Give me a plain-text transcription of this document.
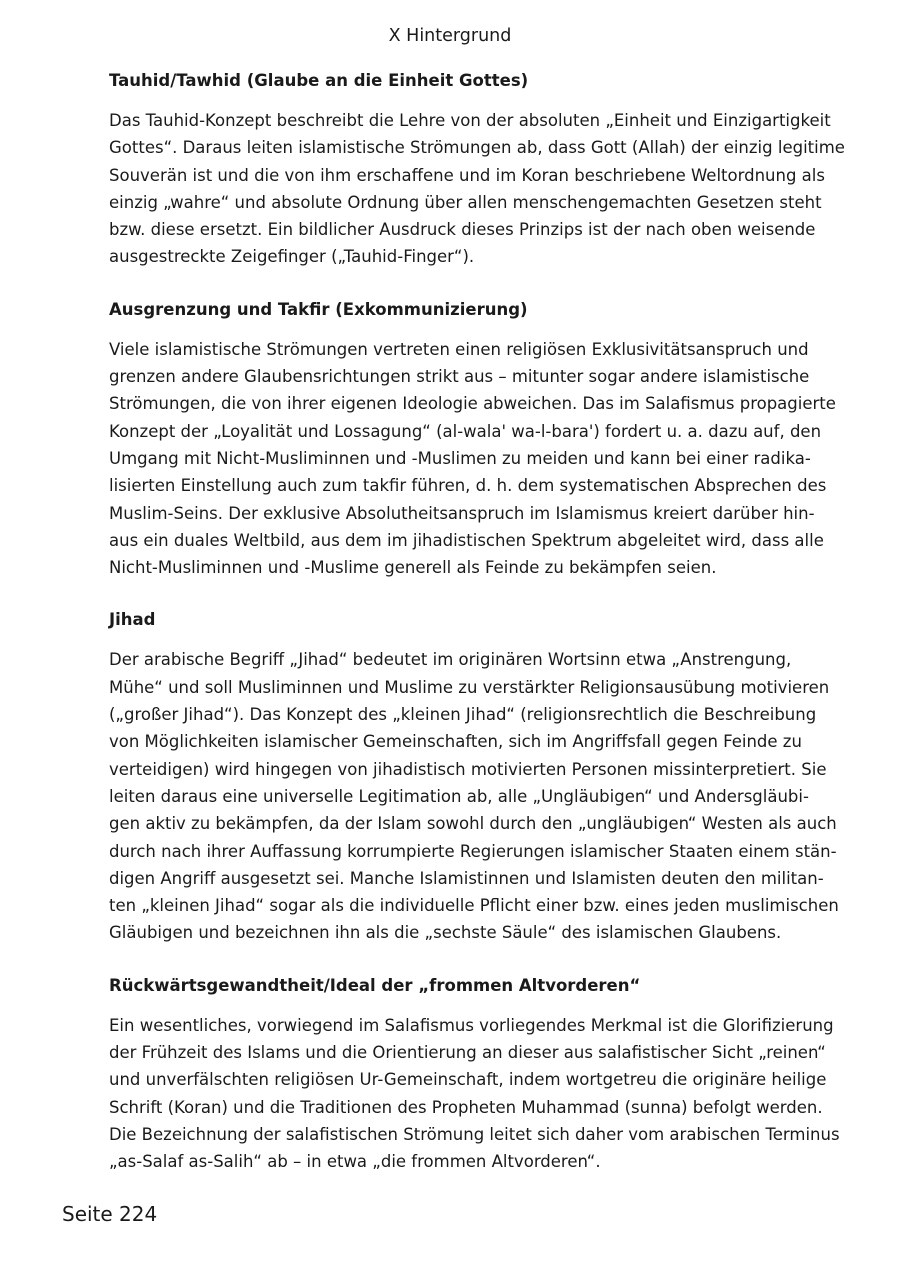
X Hintergrund
Tauhid/Tawhid (Glaube an die Einheit Gottes)

Das Tauhid-Konzept beschreibt die Lehre von der absoluten „Einheit und Einzigartigkeit
Gottes“. Daraus leiten islamistische Strömungen ab, dass Gott (Allah) der einzig legitime
Souverän ist und die von ihm erschaffene und im Koran beschriebene Weltordnung als
einzig „wahre“ und absolute Ordnung über allen menschengemachten Gesetzen steht
bzw. diese ersetzt. Ein bildlicher Ausdruck dieses Prinzips ist der nach oben weisende
ausgestreckte Zeigefinger („Tauhid-Finger“).

Ausgrenzung und Takfir (Exkommunizierung)

Viele islamistische Strömungen vertreten einen religiösen Exklusivitätsanspruch und
grenzen andere Glaubensrichtungen strikt aus – mitunter sogar andere islamistische
Strömungen, die von ihrer eigenen Ideologie abweichen. Das im Salafismus propagierte
Konzept der „Loyalität und Lossagung“ (al-wala' wa-l-bara') fordert u. a. dazu auf, den
Umgang mit Nicht-Musliminnen und -Muslimen zu meiden und kann bei einer radika-
lisierten Einstellung auch zum takfir führen, d. h. dem systematischen Absprechen des
Muslim-Seins. Der exklusive Absolutheitsanspruch im Islamismus kreiert darüber hin-
aus ein duales Weltbild, aus dem im jihadistischen Spektrum abgeleitet wird, dass alle
Nicht-Musliminnen und -Muslime generell als Feinde zu bekämpfen seien.

Jihad

Der arabische Begriff „Jihad“ bedeutet im originären Wortsinn etwa „Anstrengung,
Mühe“ und soll Musliminnen und Muslime zu verstärkter Religionsausübung motivieren
(„großer Jihad“). Das Konzept des „kleinen Jihad“ (religionsrechtlich die Beschreibung
von Möglichkeiten islamischer Gemeinschaften, sich im Angriffsfall gegen Feinde zu
verteidigen) wird hingegen von jihadistisch motivierten Personen missinterpretiert. Sie
leiten daraus eine universelle Legitimation ab, alle „Ungläubigen“ und Andersgläubi-
gen aktiv zu bekämpfen, da der Islam sowohl durch den „ungläubigen“ Westen als auch
durch nach ihrer Auffassung korrumpierte Regierungen islamischer Staaten einem stän-
digen Angriff ausgesetzt sei. Manche Islamistinnen und Islamisten deuten den militan-
ten „kleinen Jihad“ sogar als die individuelle Pflicht einer bzw. eines jeden muslimischen
Gläubigen und bezeichnen ihn als die „sechste Säule“ des islamischen Glaubens.

Rückwärtsgewandtheit/Ideal der „frommen Altvorderen“

Ein wesentliches, vorwiegend im Salafismus vorliegendes Merkmal ist die Glorifizierung
der Frühzeit des Islams und die Orientierung an dieser aus salafistischer Sicht „reinen“
und unverfälschten religiösen Ur-Gemeinschaft, indem wortgetreu die originäre heilige
Schrift (Koran) und die Traditionen des Propheten Muhammad (sunna) befolgt werden.
Die Bezeichnung der salafistischen Strömung leitet sich daher vom arabischen Terminus
„as-Salaf as-Salih“ ab – in etwa „die frommen Altvorderen“.

Seite 224
